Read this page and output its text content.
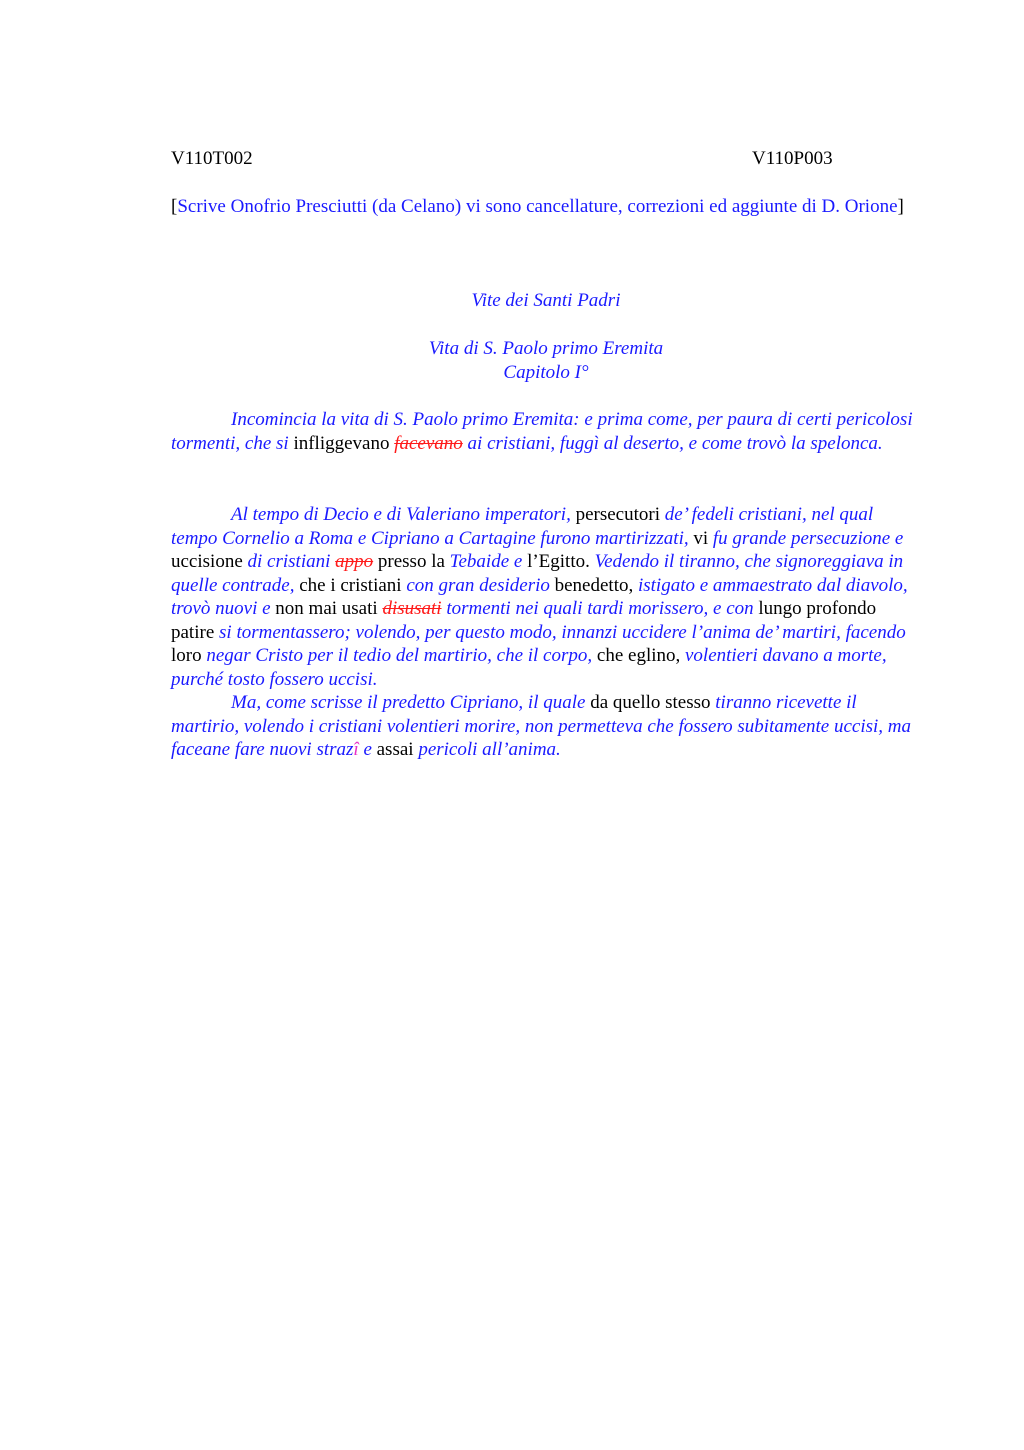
V110T002	V110P003
[Scrive Onofrio Presciutti (da Celano) vi sono cancellature, correzioni ed aggiunte di D. Orione]
Vite dei Santi Padri
Vita di S. Paolo primo Eremita
Capitolo I°

Incomincia la vita di S. Paolo primo Eremita: e prima come, per paura di certi pericolosi tormenti, che si infliggevano facevano ai cristiani, fuggì al deserto, e come trovò la spelonca.

Al tempo di Decio e di Valeriano imperatori, persecutori de’ fedeli cristiani, nel qual tempo Cornelio a Roma e Cipriano a Cartagine furono martirizzati, vi fu grande persecuzione e uccisione di cristiani appo presso la Tebaide e l’Egitto. Vedendo il tiranno, che signoreggiava in quelle contrade, che i cristiani con gran desiderio benedetto, istigato e ammaestrato dal diavolo, trovò nuovi e non mai usati disusati tormenti nei quali tardi morissero, e con lungo profondo patire si tormentassero; volendo, per questo modo, innanzi uccidere l’anima de’ martiri, facendo loro negar Cristo per il tedio del martirio, che il corpo, che eglino, volentieri davano a morte, purché tosto fossero uccisi.

Ma, come scrisse il predetto Cipriano, il quale da quello stesso tiranno ricevette il martirio, volendo i cristiani volentieri morire, non permetteva che fossero subitamente uccisi, ma faceane fare nuovi strazî e assai pericoli all’anima.
